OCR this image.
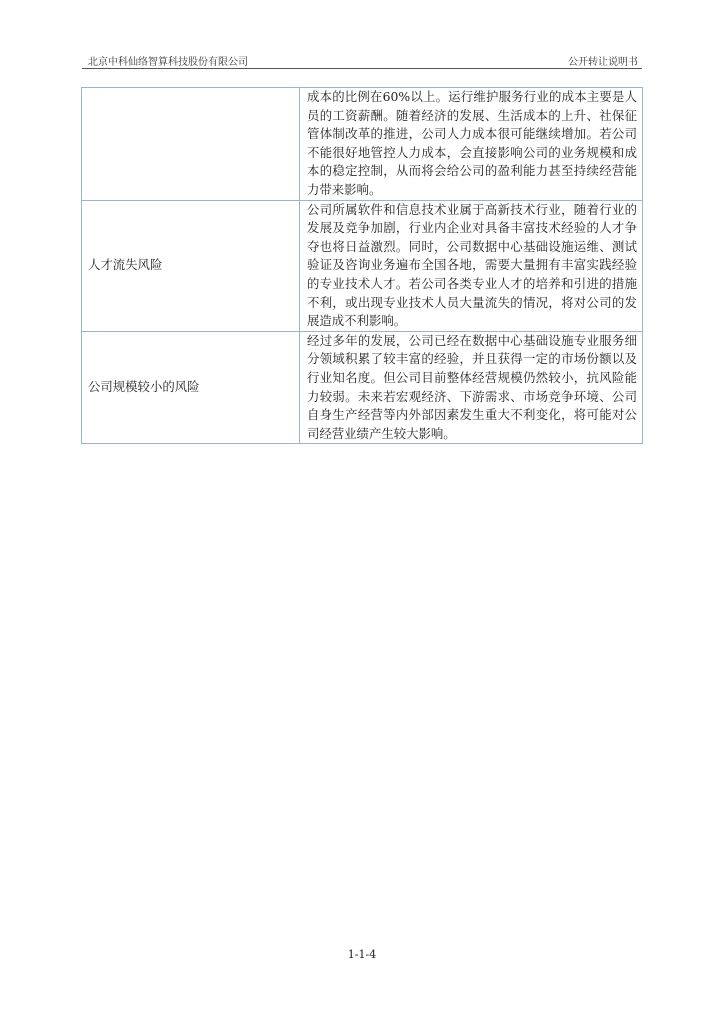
北京中科仙络智算科技股份有限公司	公开转让说明书
	成本的比例在60%以上。运行维护服务行业的成本主要是人员的工资薪酬。随着经济的发展、生活成本的上升、社保征管体制改革的推进，公司人力成本很可能继续增加。若公司不能很好地管控人力成本，会直接影响公司的业务规模和成本的稳定控制，从而将会给公司的盈利能力甚至持续经营能力带来影响。
人才流失风险	公司所属软件和信息技术业属于高新技术行业，随着行业的发展及竞争加剧，行业内企业对具备丰富技术经验的人才争夺也将日益激烈。同时，公司数据中心基础设施运维、测试验证及咨询业务遍布全国各地，需要大量拥有丰富实践经验的专业技术人才。若公司各类专业人才的培养和引进的措施不利，或出现专业技术人员大量流失的情况，将对公司的发展造成不利影响。
公司规模较小的风险	经过多年的发展，公司已经在数据中心基础设施专业服务细分领域积累了较丰富的经验，并且获得一定的市场份额以及行业知名度。但公司目前整体经营规模仍然较小，抗风险能力较弱。未来若宏观经济、下游需求、市场竞争环境、公司自身生产经营等内外部因素发生重大不利变化，将可能对公司经营业绩产生较大影响。
1-1-4
